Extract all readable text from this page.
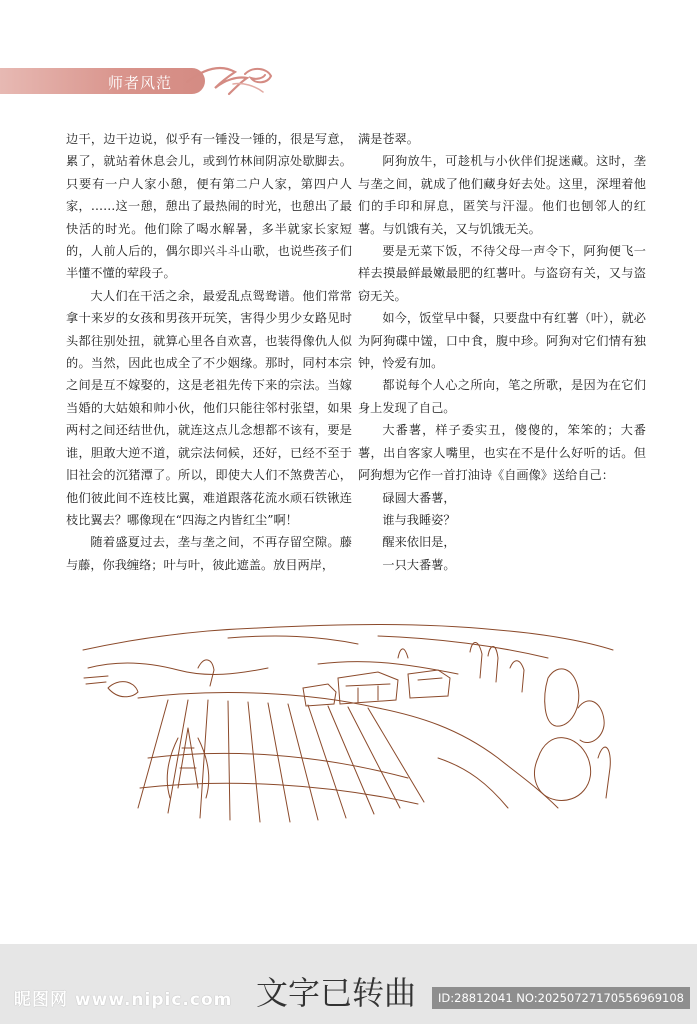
师者风范

边干，边干边说，似乎有一锤没一锤的，很是写意，累了，就站着休息会儿，或到竹林间阴凉处歇脚去。只要有一户人家小憩，便有第二户人家，第四户人家，……这一憩，憩出了最热闹的时光，也憩出了最快活的时光。他们除了喝水解暑，多半就家长家短的，人前人后的，偶尔即兴斗斗山歌，也说些孩子们半懂不懂的荤段子。

大人们在干活之余，最爱乱点鸳鸯谱。他们常常拿十来岁的女孩和男孩开玩笑，害得少男少女路见时头都往别处扭，就算心里各自欢喜，也装得像仇人似的。当然，因此也成全了不少姻缘。那时，同村本宗之间是互不嫁娶的，这是老祖先传下来的宗法。当嫁当婚的大姑娘和帅小伙，他们只能往邻村张望，如果两村之间还结世仇，就连这点儿念想都不该有，要是谁，胆敢大逆不道，就宗法伺候，还好，已经不至于旧社会的沉猪潭了。所以，即使大人们不煞费苦心，他们彼此间不连枝比翼，难道跟落花流水顽石铁锹连枝比翼去？哪像现在“四海之内皆红尘”啊！

随着盛夏过去，垄与垄之间，不再存留空隙。藤与藤，你我缠络；叶与叶，彼此遮盖。放目两岸，

满是苍翠。

阿狗放牛，可趁机与小伙伴们捉迷藏。这时，垄与垄之间，就成了他们藏身好去处。这里，深埋着他们的手印和屏息，匿笑与汗湿。他们也刨邻人的红薯。与饥饿有关，又与饥饿无关。

要是无菜下饭，不待父母一声令下，阿狗便飞一样去摸最鲜最嫩最肥的红薯叶。与盗窃有关，又与盗窃无关。

如今，饭堂早中餐，只要盘中有红薯（叶），就必为阿狗碟中馐，口中食，腹中珍。阿狗对它们情有独钟，怜爱有加。

都说每个人心之所向，笔之所歌，是因为在它们身上发现了自己。

大番薯，样子委实丑，傻傻的，笨笨的；大番薯，出自客家人嘴里，也实在不是什么好听的话。但阿狗想为它作一首打油诗《自画像》送给自己：

碌圆大番薯，

谁与我睡姿？

醒来依旧是，

一只大番薯。

昵图网 www.nipic.com 文字已转曲	ID:28812041 NO:20250727170556969108
